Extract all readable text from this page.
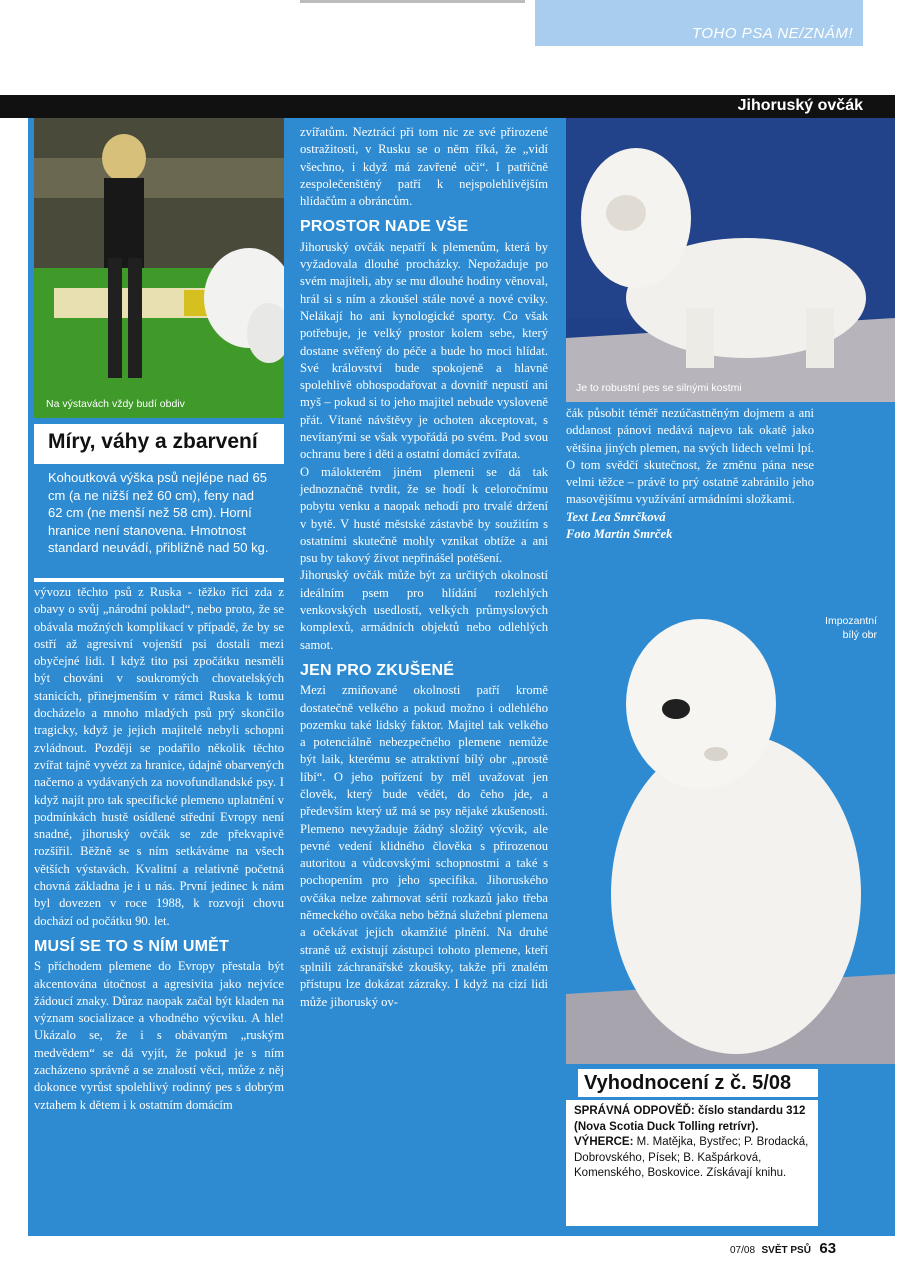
TOHO PSA NE/ZNÁM!
Jihoruský ovčák
Na výstavách vždy budí obdiv
Míry, váhy a zbarvení
Kohoutková výška psů nejlépe nad 65 cm (a ne nižší než 60 cm), feny nad 62 cm (ne menší než 58 cm). Horní hranice není stanovena. Hmotnost standard neuvádí, přibližně nad 50 kg.

vývozu těchto psů z Ruska - těžko říci zda z obavy o svůj „národní poklad“, nebo proto, že se obávala možných komplikací v případě, že by se ostří až agresivní vojenští psi dostali mezi obyčejné lidi. I když tito psi zpočátku nesměli být chováni v soukromých chovatelských stanicích, přinejmenším v rámci Ruska k tomu docházelo a mnoho mladých psů prý skončilo tragicky, když je jejich majitelé nebyli schopni zvládnout. Později se podařilo několik těchto zvířat tajně vyvézt za hranice, údajně obarvených načerno a vydávaných za novofundlandské psy. I když najít pro tak specifické plemeno uplatnění v podmínkách hustě osídlené střední Evropy není snadné, jihoruský ovčák se zde překvapivě rozšířil. Běžně se s ním setkáváme na všech větších výstavách. Kvalitní a relativně početná chovná základna je i u nás. První jedinec k nám byl dovezen v roce 1988, k rozvoji chovu dochází od počátku 90. let.

MUSÍ SE TO S NÍM UMĚT

S příchodem plemene do Evropy přestala být akcentována útočnost a agresivita jako nejvíce žádoucí znaky. Důraz naopak začal být kladen na význam socializace a vhodného výcviku. A hle! Ukázalo se, že i s obávaným „ruským medvědem“ se dá vyjít, že pokud je s ním zacházeno správně a se znalostí věci, může z něj dokonce vyrůst spolehlivý rodinný pes s dobrým vztahem k dětem i k ostatním domácím

zvířatům. Neztrácí při tom nic ze své přirozené ostražitosti, v Rusku se o něm říká, že „vidí všechno, i když má zavřené oči“. I patřičně zespolečenštěný patří k nejspolehlivějším hlídačům a obráncům.

PROSTOR NADE VŠE

Jihoruský ovčák nepatří k plemenům, která by vyžadovala dlouhé procházky. Nepožaduje po svém majiteli, aby se mu dlouhé hodiny věnoval, hrál si s ním a zkoušel stále nové a nové cviky. Nelákají ho ani kynologické sporty. Co však potřebuje, je velký prostor kolem sebe, který dostane svěřený do péče a bude ho moci hlídat. Své království bude spokojeně a hlavně spolehlivě obhospodařovat a dovnitř nepustí ani myš – pokud si to jeho majitel nebude vysloveně přát. Vítané návštěvy je ochoten akceptovat, s nevítanými se však vypořádá po svém. Pod svou ochranu bere i děti a ostatní domácí zvířata.

O málokterém jiném plemeni se dá tak jednoznačně tvrdit, že se hodí k celoročnímu pobytu venku a naopak nehodí pro trvalé držení v bytě. V husté městské zástavbě by soužitím s ostatními skutečně mohly vznikat obtíže a ani psu by takový život nepřinášel potěšení.

Jihoruský ovčák může být za určitých okolností ideálním psem pro hlídání rozlehlých venkovských usedlostí, velkých průmyslových komplexů, armádních objektů nebo odlehlých samot.

JEN PRO ZKUŠENÉ

Mezi zmiňované okolnosti patří kromě dostatečně velkého a pokud možno i odlehlého pozemku také lidský faktor. Majitel tak velkého a potenciálně nebezpečného plemene nemůže být laik, kterému se atraktivní bílý obr „prostě líbí“. O jeho pořízení by měl uvažovat jen člověk, který bude vědět, do čeho jde, a především který už má se psy nějaké zkušenosti. Plemeno nevyžaduje žádný složitý výcvik, ale pevné vedení klidného člověka s přirozenou autoritou a vůdcovskými schopnostmi a také s pochopením pro jeho specifika. Jihoruského ovčáka nelze zahrnovat sérií rozkazů jako třeba německého ovčáka nebo běžná služební plemena a očekávat jejich okamžité plnění. Na druhé straně už existují zástupci tohoto plemene, kteří splnili záchranářské zkoušky, takže při znalém přístupu lze dokázat zázraky. I když na cizí lidi může jihoruský ov-

Je to robustní pes se silnými kostmi

čák působit téměř nezúčastněným dojmem a ani oddanost pánovi nedává najevo tak okatě jako většina jiných plemen, na svých lidech velmi lpí. O tom svědčí skutečnost, že změnu pána nese velmi těžce – právě to prý ostatně zabránilo jeho masovějšímu využívání armádními složkami.

Text Lea Smrčková

Foto Martin Smrček

Impozantní bílý obr
Vyhodnocení z č. 5/08
SPRÁVNÁ ODPOVĚĎ: číslo standardu 312 (Nova Scotia Duck Tolling retrívr).
VÝHERCE: M. Matějka, Bystřec; P. Brodacká, Dobrovského, Písek; B. Kašpárková, Komenského, Boskovice. Získávají knihu.
07/08 SVĚT PSŮ 63
